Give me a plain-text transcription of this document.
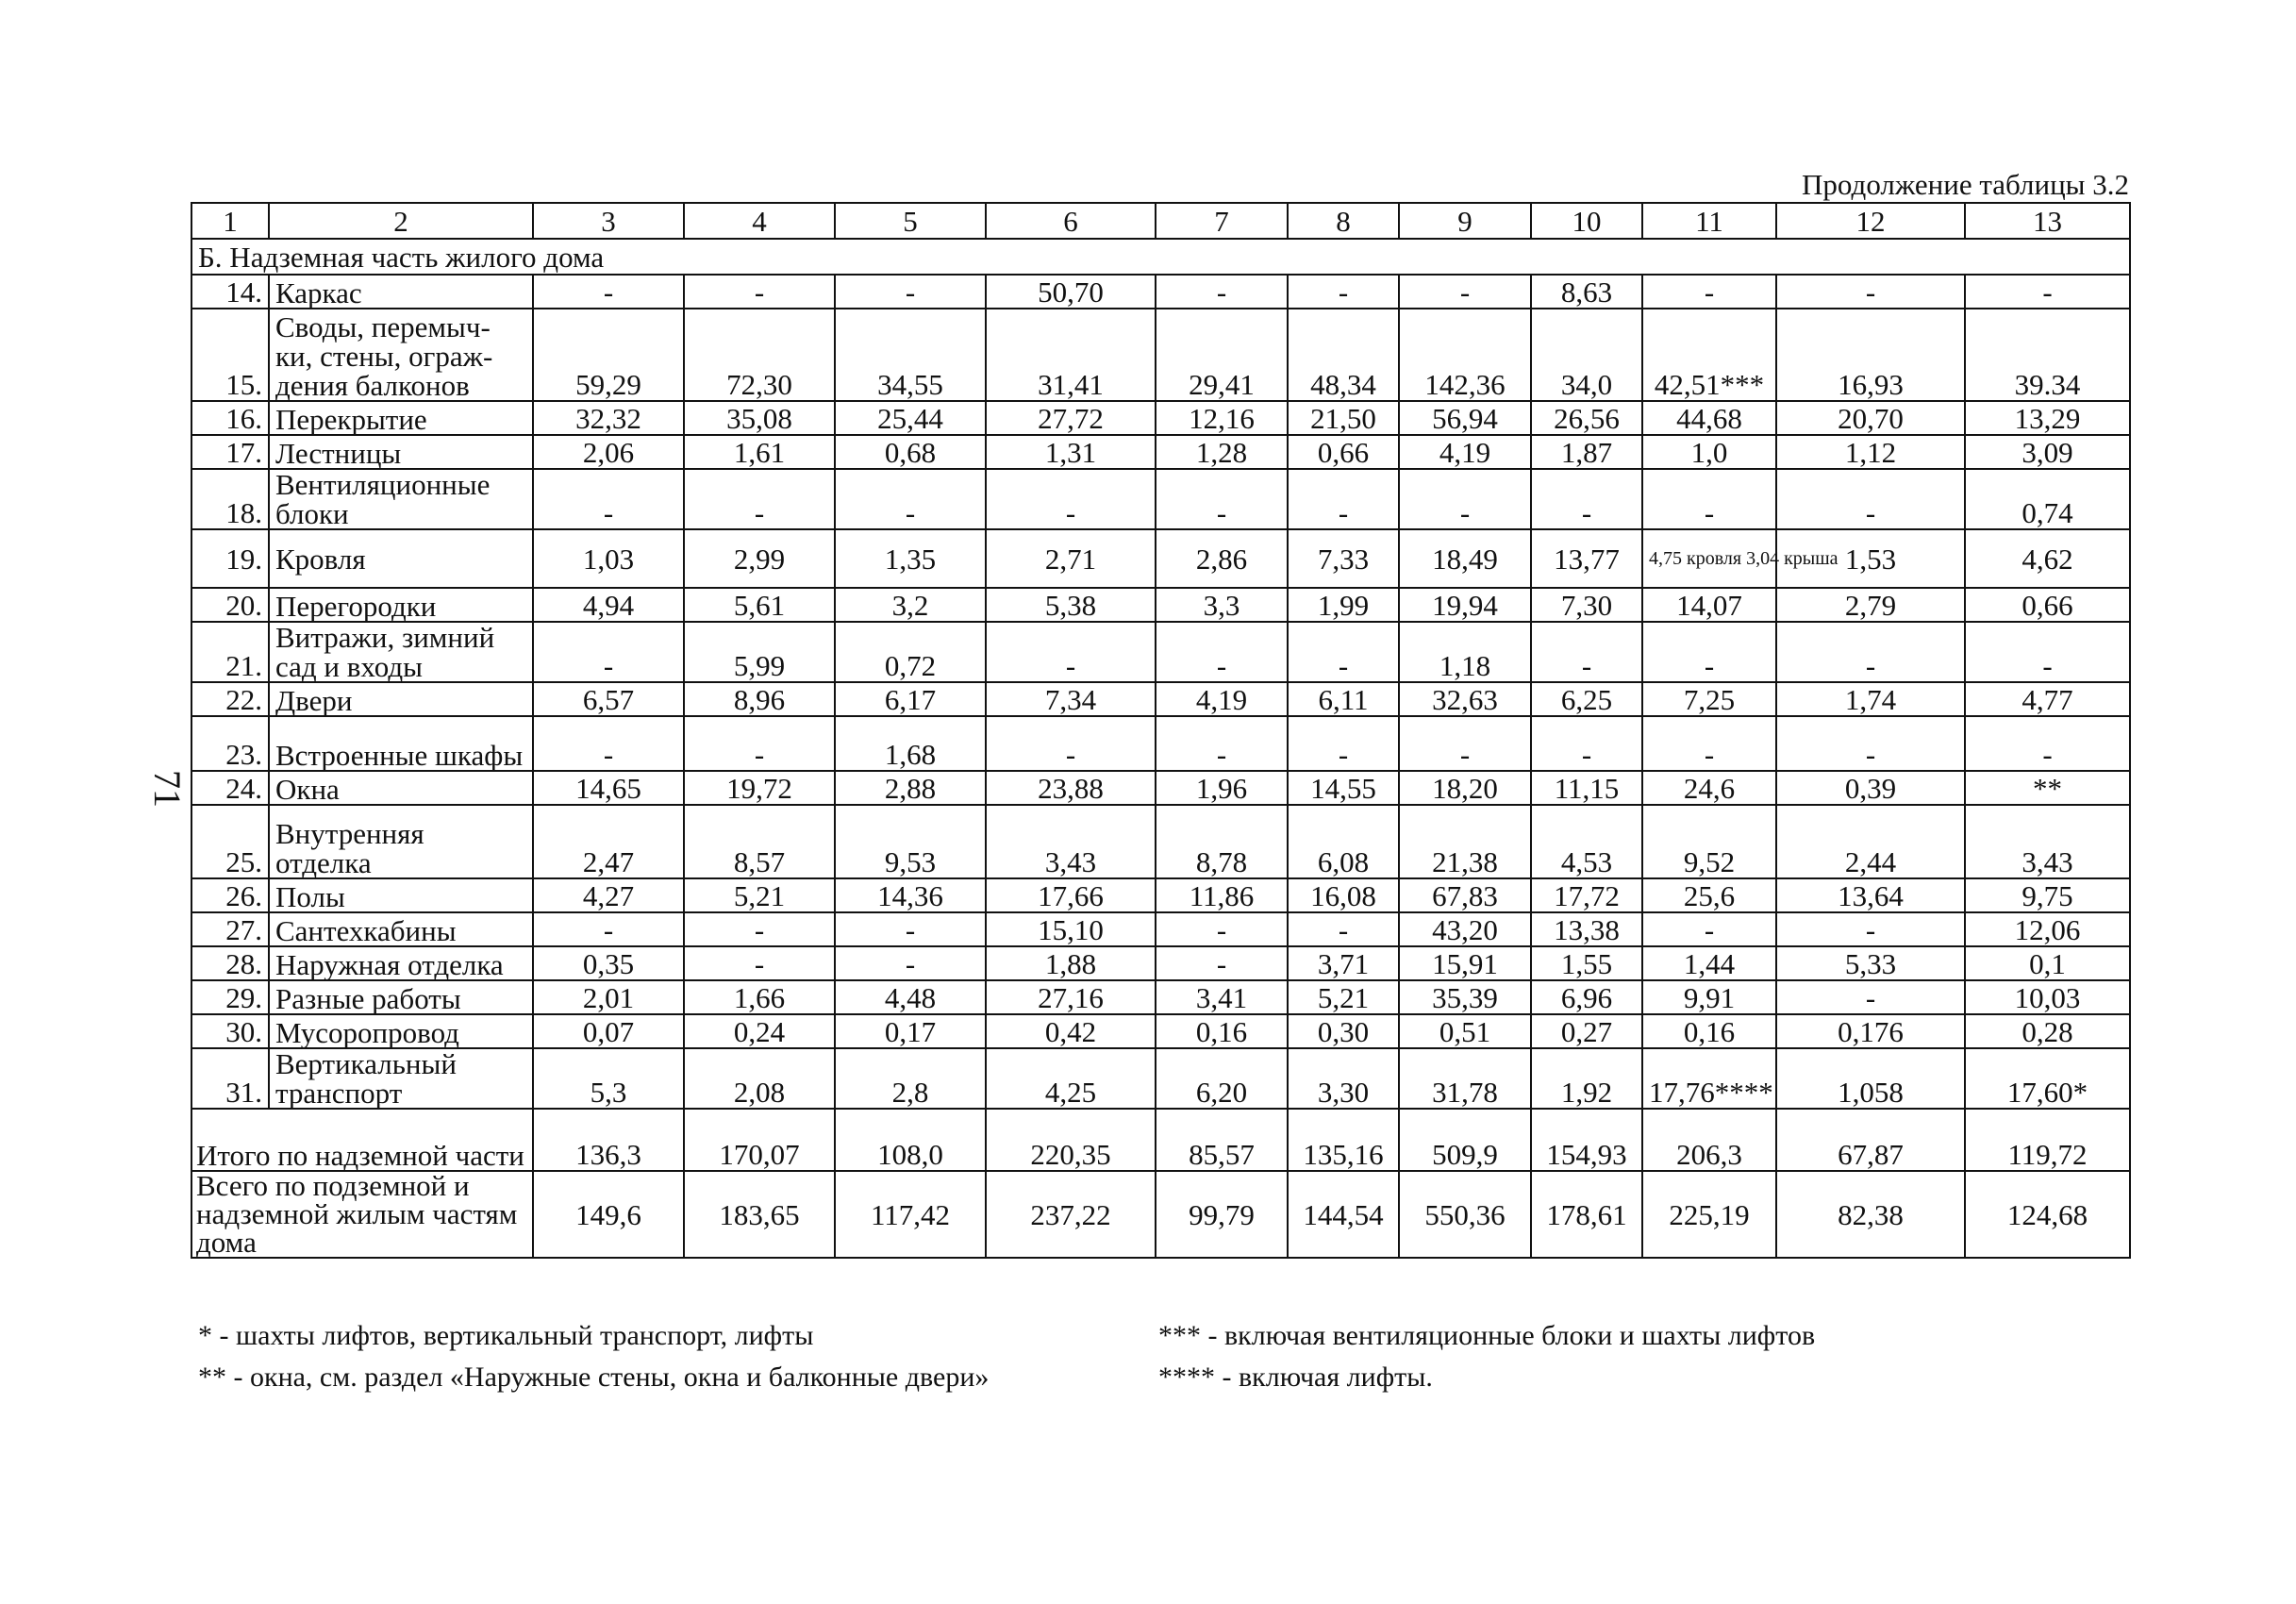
Продолжение таблицы 3.2
71
1	2	3	4	5	6	7	8	9	10	11	12	13
Б. Надземная часть жилого дома												
14.	Каркас	-	-	-	50,70	-	-	-	8,63	-	-	-
15.	Своды, перемыч-ки, стены, ограж-дения балконов	59,29	72,30	34,55	31,41	29,41	48,34	142,36	34,0	42,51***	16,93	39.34
16.	Перекрытие	32,32	35,08	25,44	27,72	12,16	21,50	56,94	26,56	44,68	20,70	13,29
17.	Лестницы	2,06	1,61	0,68	1,31	1,28	0,66	4,19	1,87	1,0	1,12	3,09
18.	Вентиляционные блоки	-	-	-	-	-	-	-	-	-	-	0,74
19.	Кровля	1,03	2,99	1,35	2,71	2,86	7,33	18,49	13,77	4,75 кровля 3,04 крыша	1,53	4,62
20.	Перегородки	4,94	5,61	3,2	5,38	3,3	1,99	19,94	7,30	14,07	2,79	0,66
21.	Витражи, зимний сад и входы	-	5,99	0,72	-	-	-	1,18	-	-	-	-
22.	Двери	6,57	8,96	6,17	7,34	4,19	6,11	32,63	6,25	7,25	1,74	4,77
23.	Встроенные шкафы	-	-	1,68	-	-	-	-	-	-	-	-
24.	Окна	14,65	19,72	2,88	23,88	1,96	14,55	18,20	11,15	24,6	0,39	**
25.	Внутренняя отделка	2,47	8,57	9,53	3,43	8,78	6,08	21,38	4,53	9,52	2,44	3,43
26.	Полы	4,27	5,21	14,36	17,66	11,86	16,08	67,83	17,72	25,6	13,64	9,75
27.	Сантехкабины	-	-	-	15,10	-	-	43,20	13,38	-	-	12,06
28.	Наружная отделка	0,35	-	-	1,88	-	3,71	15,91	1,55	1,44	5,33	0,1
29.	Разные работы	2,01	1,66	4,48	27,16	3,41	5,21	35,39	6,96	9,91	-	10,03
30.	Мусоропровод	0,07	0,24	0,17	0,42	0,16	0,30	0,51	0,27	0,16	0,176	0,28
31.	Вертикальный транспорт	5,3	2,08	2,8	4,25	6,20	3,30	31,78	1,92	17,76****	1,058	17,60*
Итого по надземной части		136,3	170,07	108,0	220,35	85,57	135,16	509,9	154,93	206,3	67,87	119,72
Всего по подземной и надземной жилым частям дома		149,6	183,65	117,42	237,22	99,79	144,54	550,36	178,61	225,19	82,38	124,68
* - шахты лифтов, вертикальный транспорт, лифты
** - окна, см. раздел «Наружные стены, окна и балконные двери»
*** - включая вентиляционные блоки и шахты лифтов
**** - включая лифты.
